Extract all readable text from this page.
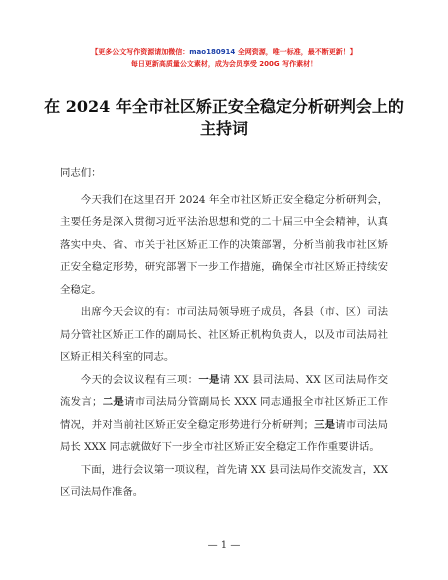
【更多公文写作资源请加微信：mao180914 全网资源，唯一标准，最不断更新！】
每日更新高质量公文素材，成为会员享受 200G 写作素材！
在 2024 年全市社区矫正安全稳定分析研判会上的主持词

同志们：

今天我们在这里召开 2024 年全市社区矫正安全稳定分析研判会，主要任务是深入贯彻习近平法治思想和党的二十届三中全会精神，认真落实中央、省、市关于社区矫正工作的决策部署，分析当前我市社区矫正安全稳定形势，研究部署下一步工作措施，确保全市社区矫正持续安全稳定。

出席今天会议的有：市司法局领导班子成员，各县（市、区）司法局分管社区矫正工作的副局长、社区矫正机构负责人，以及市司法局社区矫正相关科室的同志。

今天的会议议程有三项：一是请 XX 县司法局、XX 区司法局作交流发言；二是请市司法局分管副局长 XXX 同志通报全市社区矫正工作情况，并对当前社区矫正安全稳定形势进行分析研判；三是请市司法局局长 XXX 同志就做好下一步全市社区矫正安全稳定工作作重要讲话。

下面，进行会议第一项议程，首先请 XX 县司法局作交流发言，XX 区司法局作准备。

— 1 —
